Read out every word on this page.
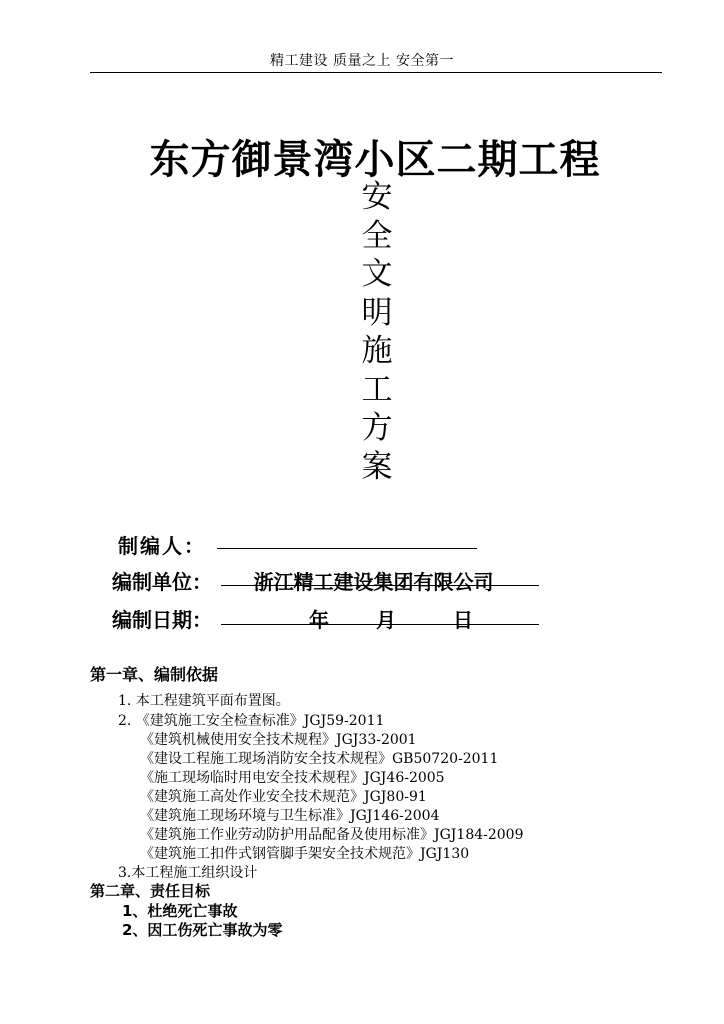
精工建设 质量之上 安全第一
东方御景湾小区二期工程
安
全
文
明
施
工
方
案
制编人：
编制单位：	浙江精工建设集团有限公司
编制日期：	年 月	日
第一章、编制依据
1. 本工程建筑平面布置图。
2. 《建筑施工安全检查标准》JGJ59-2011
《建筑机械使用安全技术规程》JGJ33-2001
《建设工程施工现场消防安全技术规程》GB50720-2011
《施工现场临时用电安全技术规程》JGJ46-2005
《建筑施工高处作业安全技术规范》JGJ80-91
《建筑施工现场环境与卫生标准》JGJ146-2004
《建筑施工作业劳动防护用品配备及使用标准》JGJ184-2009
《建筑施工扣件式钢管脚手架安全技术规范》JGJ130
3.本工程施工组织设计
第二章、责任目标
1、杜绝死亡事故
2、因工伤死亡事故为零
